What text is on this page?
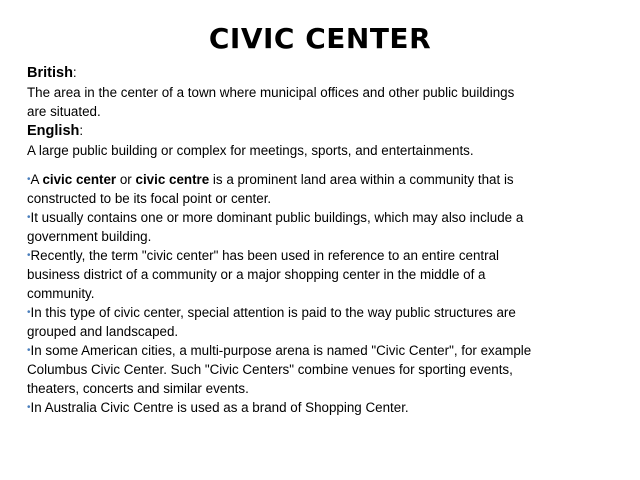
CIVIC CENTER
British:
The area in the center of a town where municipal offices and other public buildings
are situated.
English:
A large public building or complex for meetings, sports, and entertainments.
•A civic center or civic centre is a prominent land area within a community that is
constructed to be its focal point or center.
•It usually contains one or more dominant public buildings, which may also include a
government building.
•Recently, the term "civic center" has been used in reference to an entire central
business district of a community or a major shopping center in the middle of a
community.
•In this type of civic center, special attention is paid to the way public structures are
grouped and landscaped.
•In some American cities, a multi-purpose arena is named "Civic Center", for example
Columbus Civic Center. Such "Civic Centers" combine venues for sporting events,
theaters, concerts and similar events.
•In Australia Civic Centre is used as a brand of Shopping Center.
